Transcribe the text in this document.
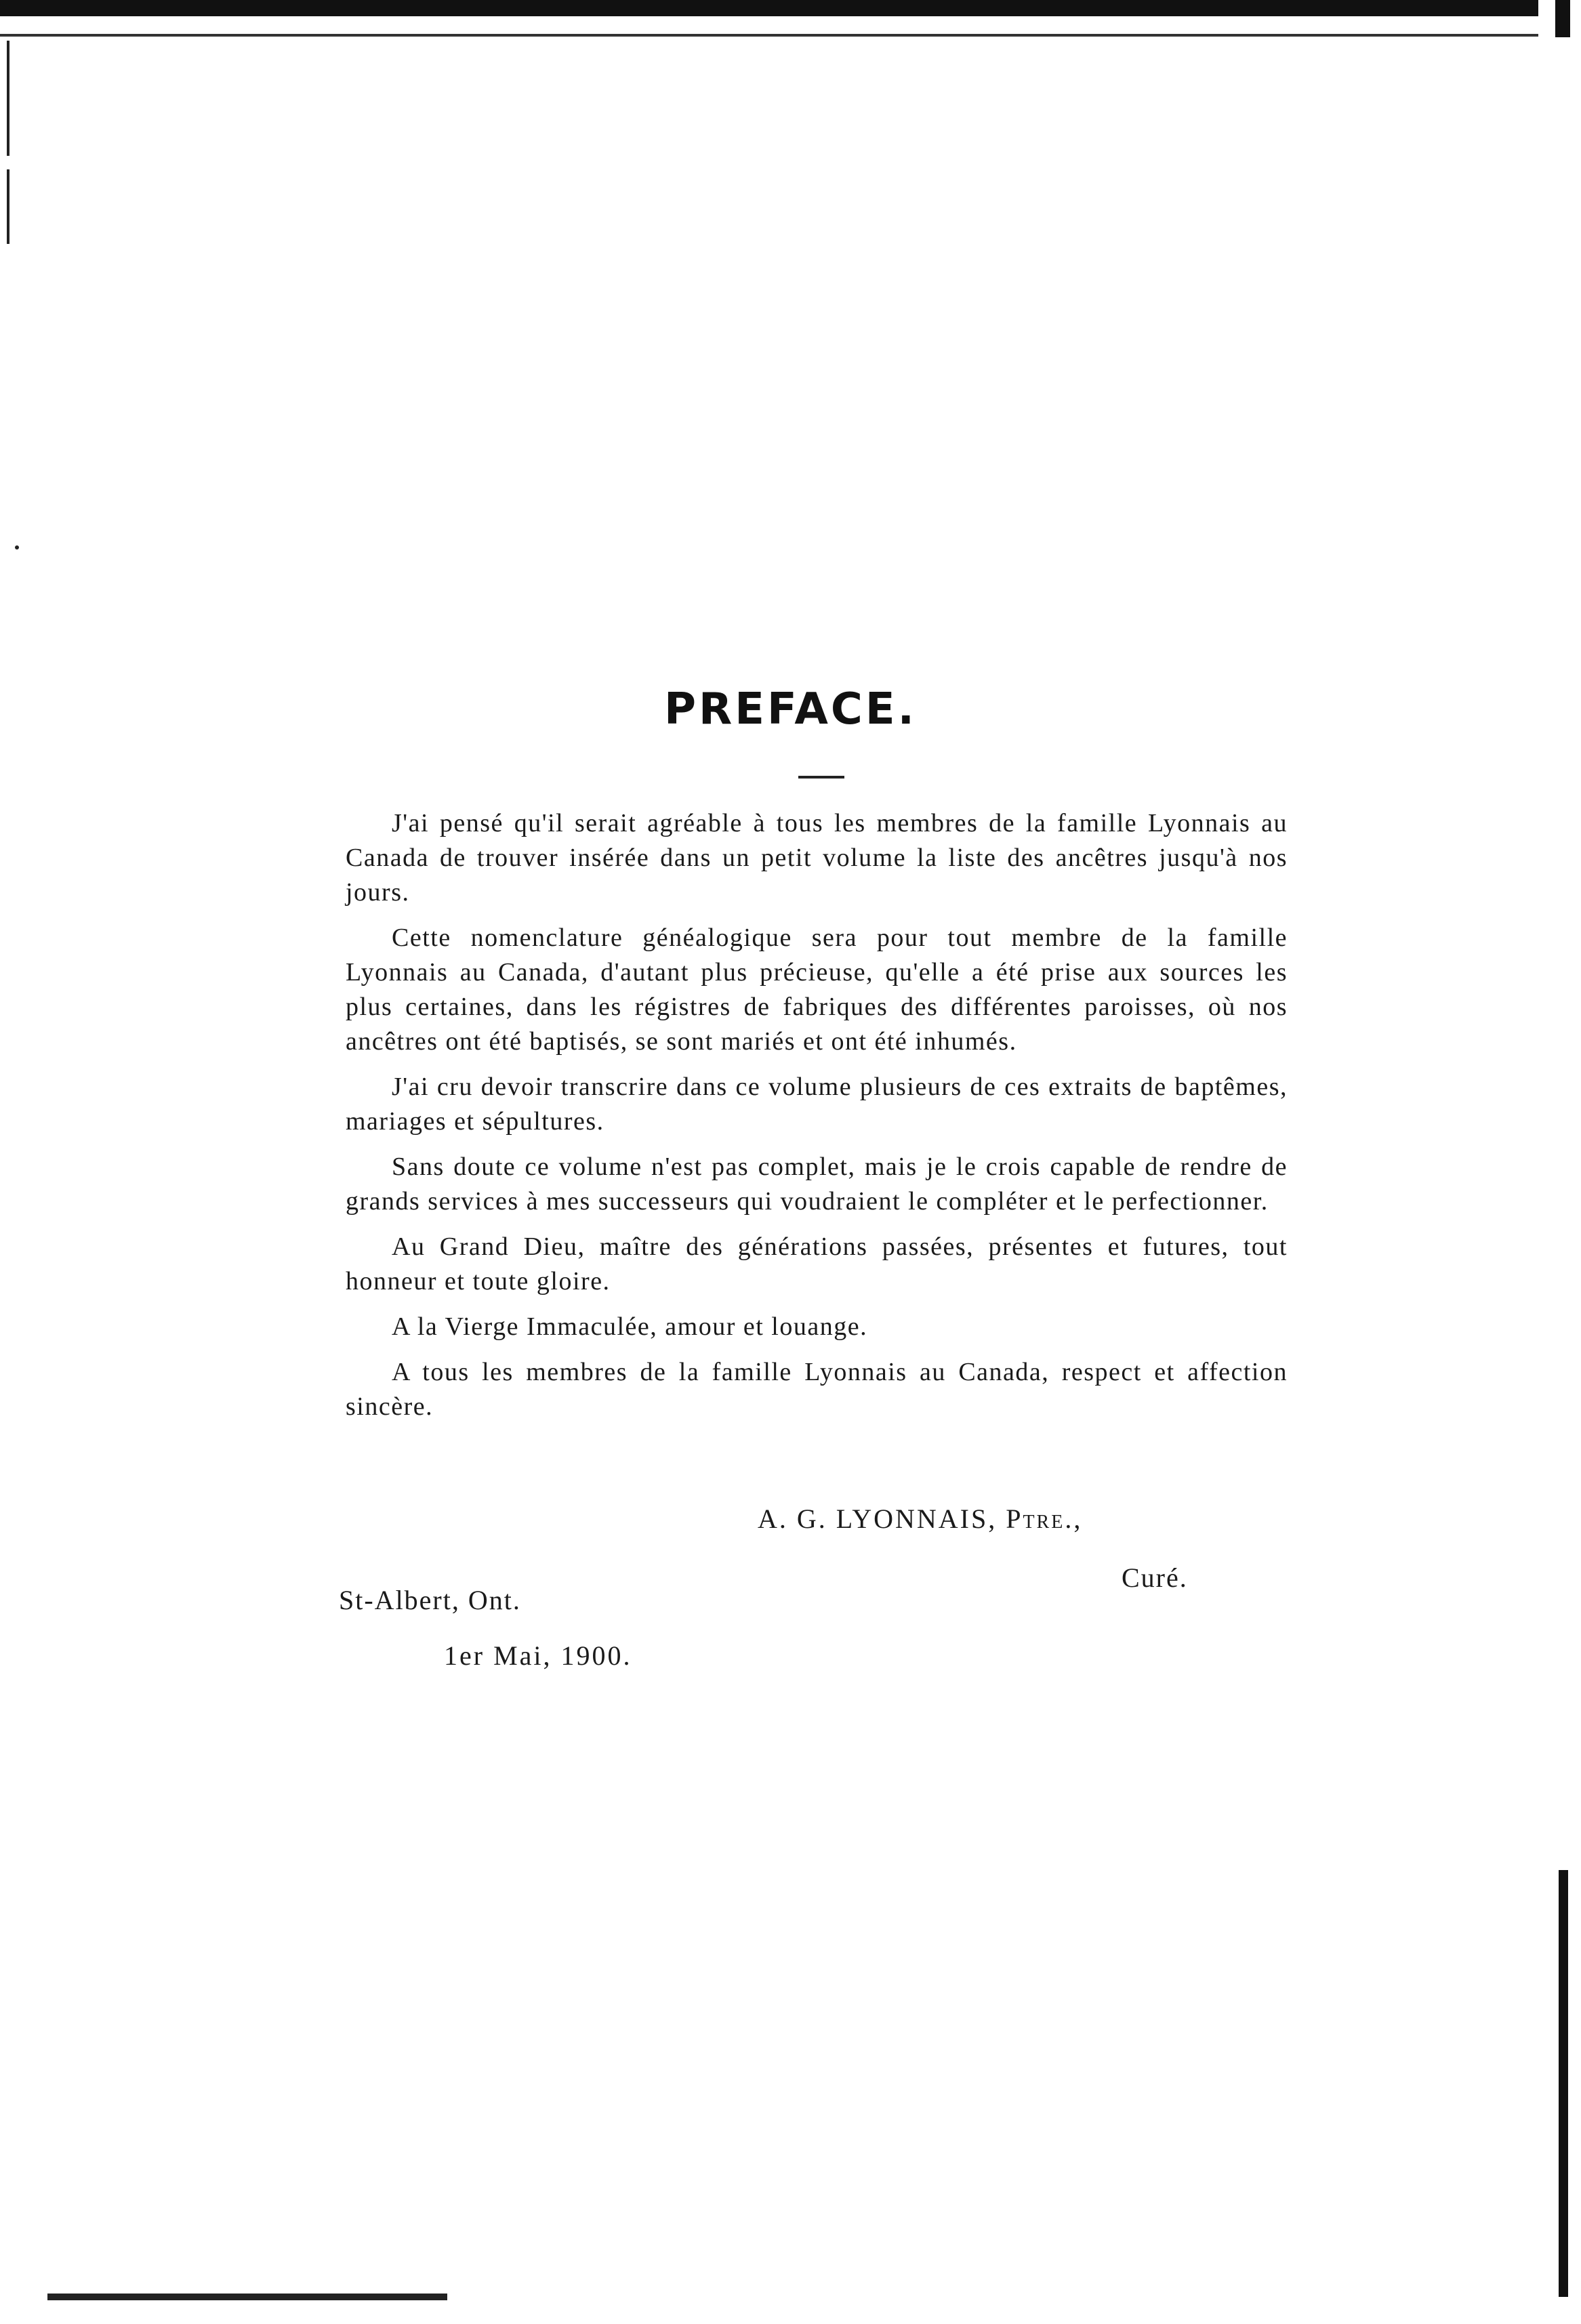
PREFACE.

J'ai pensé qu'il serait agréable à tous les membres de la famille Lyonnais au Canada de trouver insérée dans un petit volume la liste des ancêtres jusqu'à nos jours.

Cette nomenclature généalogique sera pour tout membre de la famille Lyonnais au Canada, d'autant plus précieuse, qu'elle a été prise aux sources les plus certaines, dans les régistres de fabriques des différentes paroisses, où nos ancêtres ont été baptisés, se sont mariés et ont été inhumés.

J'ai cru devoir transcrire dans ce volume plusieurs de ces extraits de baptêmes, mariages et sépultures.

Sans doute ce volume n'est pas complet, mais je le crois capable de rendre de grands services à mes successeurs qui voudraient le compléter et le perfectionner.

Au Grand Dieu, maître des générations passées, présentes et futures, tout honneur et toute gloire.

A la Vierge Immaculée, amour et louange.

A tous les membres de la famille Lyonnais au Canada, respect et affection sincère.

A. G. LYONNAIS, Ptre.,
Curé.
St-Albert, Ont.
1er Mai, 1900.
